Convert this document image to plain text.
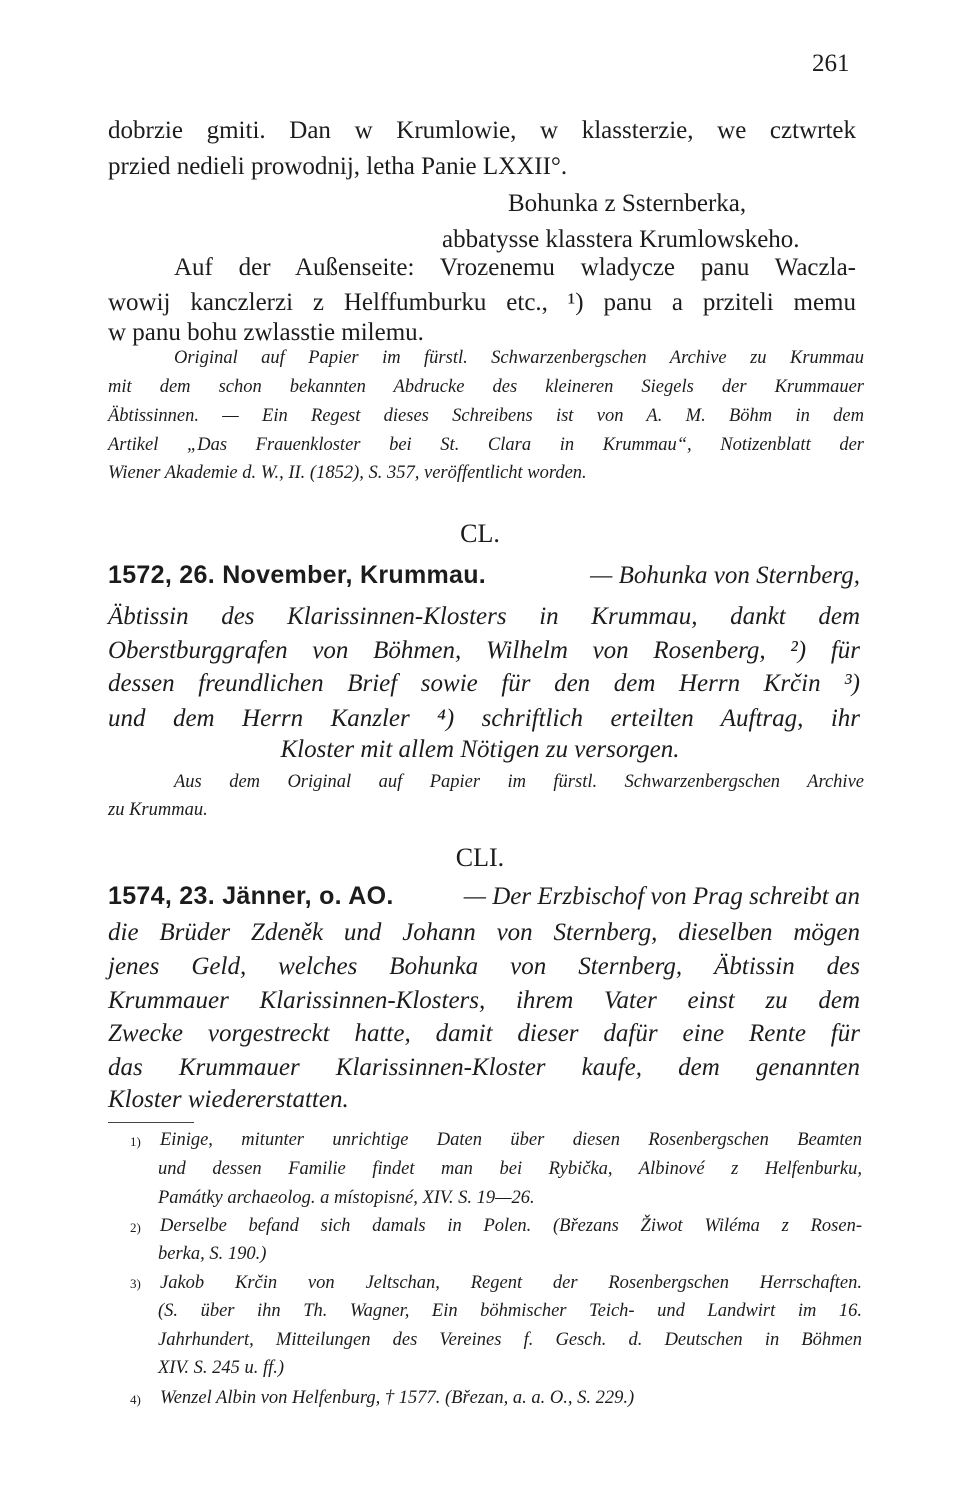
261
dobrzie gmiti. Dan w Krumlowie, w klassterzie, we cztwrtek
przied nedieli prowodnij, letha Panie LXXII°.
Bohunka z Ssternberka,
abbatysse klasstera Krumlowskeho.
Auf der Außenseite: Vrozenemu wladycze panu Waczla-
wowij kanczlerzi z Helffumburku etc., ¹) panu a prziteli memu
w panu bohu zwlasstie milemu.
Original auf Papier im fürstl. Schwarzenbergschen Archive zu Krummau
mit dem schon bekannten Abdrucke des kleineren Siegels der Krummauer
Äbtissinnen. — Ein Regest dieses Schreibens ist von A. M. Böhm in dem
Artikel „Das Frauenkloster bei St. Clara in Krummau“, Notizenblatt der
Wiener Akademie d. W., II. (1852), S. 357, veröffentlicht worden.
CL.
1572, 26. November, Krummau.	— Bohunka von Sternberg,
Äbtissin des Klarissinnen-Klosters in Krummau, dankt dem
Oberstburggrafen von Böhmen, Wilhelm von Rosenberg, ²) für
dessen freundlichen Brief sowie für den dem Herrn Krčin ³)
und dem Herrn Kanzler ⁴) schriftlich erteilten Auftrag, ihr
Kloster mit allem Nötigen zu versorgen.
Aus dem Original auf Papier im fürstl. Schwarzenbergschen Archive
zu Krummau.
CLI.
1574, 23. Jänner, o. AO.	— Der Erzbischof von Prag schreibt an
die Brüder Zdeněk und Johann von Sternberg, dieselben mögen
jenes Geld, welches Bohunka von Sternberg, Äbtissin des
Krummauer Klarissinnen-Klosters, ihrem Vater einst zu dem
Zwecke vorgestreckt hatte, damit dieser dafür eine Rente für
das Krummauer Klarissinnen-Kloster kaufe, dem genannten
Kloster wiedererstatten.
$^{1)}$ Einige, mitunter unrichtige Daten über diesen Rosenbergschen Beamten
und dessen Familie findet man bei Rybička, Albinové z Helfenburku,
Památky archaeolog. a místopisné, XIV. S. 19—26.
$^{2)}$ Derselbe befand sich damals in Polen. (Březans Žiwot Wiléma z Rosen-
berka, S. 190.)
$^{3)}$ Jakob Krčin von Jeltschan, Regent der Rosenbergschen Herrschaften.
(S. über ihn Th. Wagner, Ein böhmischer Teich- und Landwirt im 16.
Jahrhundert, Mitteilungen des Vereines f. Gesch. d. Deutschen in Böhmen
XIV. S. 245 u. ff.)
$^{4)}$ Wenzel Albin von Helfenburg, † 1577. (Březan, a. a. O., S. 229.)
